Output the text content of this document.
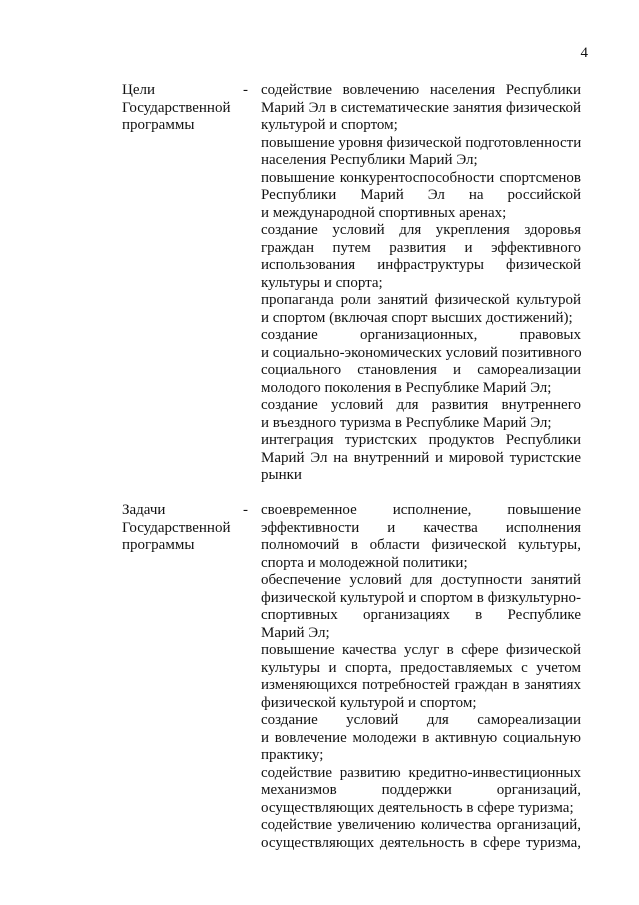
4
Цели
Государственной
программы
- содействие вовлечению населения Республики
Марий Эл в систематические занятия физической
культурой и спортом;
повышение уровня физической подготовленности
населения Республики Марий Эл;
повышение конкурентоспособности спортсменов
Республики Марий Эл на российской
и международной спортивных аренах;
создание условий для укрепления здоровья
граждан путем развития и эффективного
использования инфраструктуры физической
культуры и спорта;
пропаганда роли занятий физической культурой
и спортом (включая спорт высших достижений);
создание организационных, правовых
и социально-экономических условий позитивного
социального становления и самореализации
молодого поколения в Республике Марий Эл;
создание условий для развития внутреннего
и въездного туризма в Республике Марий Эл;
интеграция туристских продуктов Республики
Марий Эл на внутренний и мировой туристские
рынки
Задачи
Государственной
программы
- своевременное исполнение, повышение
эффективности и качества исполнения
полномочий в области физической культуры,
спорта и молодежной политики;
обеспечение условий для доступности занятий
физической культурой и спортом в физкультурно-
спортивных организациях в Республике
Марий Эл;
повышение качества услуг в сфере физической
культуры и спорта, предоставляемых с учетом
изменяющихся потребностей граждан в занятиях
физической культурой и спортом;
создание условий для самореализации
и вовлечение молодежи в активную социальную
практику;
содействие развитию кредитно-инвестиционных
механизмов поддержки организаций,
осуществляющих деятельность в сфере туризма;
содействие увеличению количества организаций,
осуществляющих деятельность в сфере туризма,
